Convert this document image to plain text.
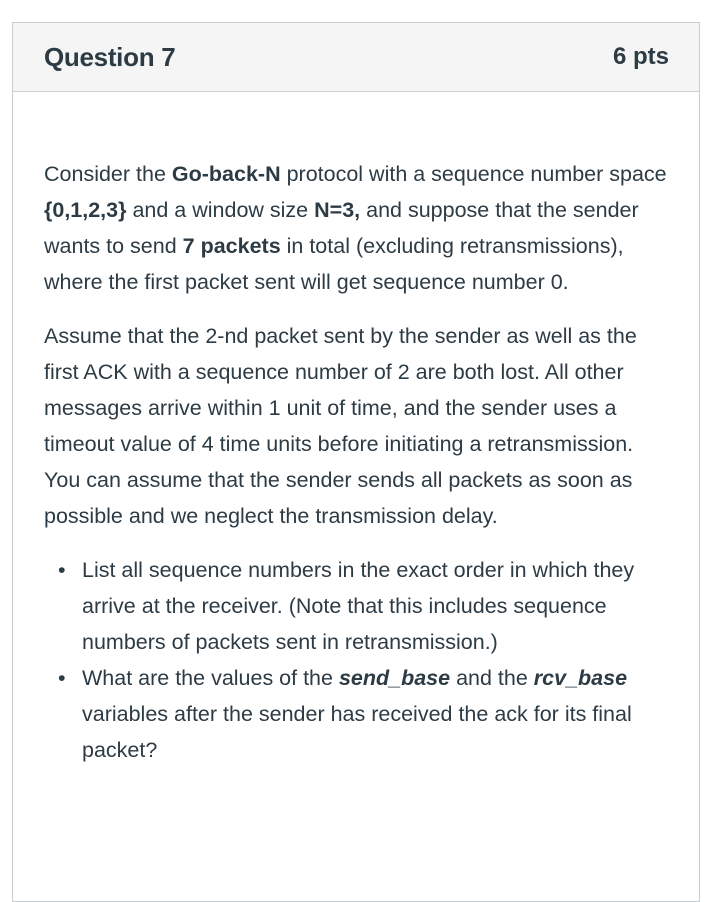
Question 7	6 pts

Consider the Go-back-N protocol with a sequence number space {0,1,2,3} and a window size N=3, and suppose that the sender wants to send 7 packets in total (excluding retransmissions), where the first packet sent will get sequence number 0.

Assume that the 2-nd packet sent by the sender as well as the first ACK with a sequence number of 2 are both lost. All other messages arrive within 1 unit of time, and the sender uses a timeout value of 4 time units before initiating a retransmission. You can assume that the sender sends all packets as soon as possible and we neglect the transmission delay.

• List all sequence numbers in the exact order in which they arrive at the receiver. (Note that this includes sequence numbers of packets sent in retransmission.)
• What are the values of the send_base and the rcv_base variables after the sender has received the ack for its final packet?
